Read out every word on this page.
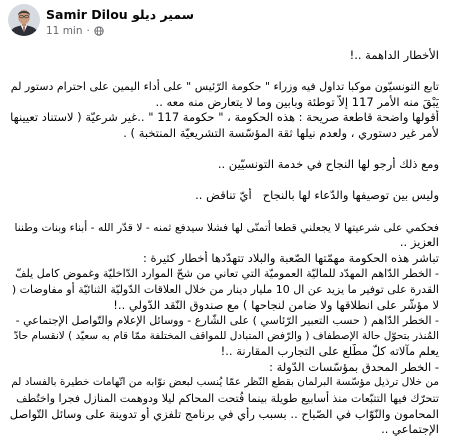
Samir Dilou سمير ديلو
11 min ·
الأخطار الداهمة ..!
تابع التونسيّون موكبا تداول فيه وزراء " حكومة الرّئيس " على أداء اليمين على احترام دستور لم
يَبْقَ منه الأمر 117 إلاّ توطئة وبابين وما لا يتعارض منه معه ..
أقولها واضحة قاطعة صريحة : هذه الحكومة ، " حكومة 117 " ..غير شرعيّة ( لاستناد تعيينها
لأمر غير دستوري ، ولعدم نيلها ثقة المؤسّسة التشريعيّة المنتخبة ) .
ومع ذلك أرجو لها النجاح في خدمة التونسيّين ..
وليس بين توصيفها والدّعاء لها بالنجاح   أيّ تناقض ..
فحكمي على شرعيتها لا يجعلني قطعا أتمنّى لها فشلا سيدفع ثمنه - لا قدّر الله - أبناء وبنات وطننا
العزيز ..
تباشر هذه الحكومة مهمّتها الصّعبة والبلاد تتهدّدها أخطار كثيرة :
- الخطر الدّاهم المهدّد للماليّة العموميّة التي تعاني من شحّ الموارد الدّاخليّة وغموض كامل يلفّ
القدرة على توفير ما يزيد عن ال 10 مليار دينار من خلال العلاقات الدّوليّة الثنائيّة أو مفاوضات (
لا مؤشّر على انطلاقها ولا ضامن لنجاحها ) مع صندوق النّقد الدّولي ..!
- الخطر الدّاهم ( حسب التعبير الرّئاسي ) على الشّارع - ووسائل الإعلام والتّواصل الإجتماعي -
المُنذر بتحوّل حالة الإصطفاف ( والرّفض المتبادل للمواقف المختلفة ممّا قام به سعيّد ) لانقسام حادّ
يعلم مآلاته كلّ مطّلع على التجارب المقارنة ..!
- الخطر المحدق بمؤسّسات الدّولة :
من خلال ترذيل مؤسّسة البرلمان بقطع النّظر عمّا يُنسب لبعض نوّابه من اتّهامات خطيرة بالفساد لم
تتحرّك فيها التتبّعات منذ أسابيع طويلة بينما فُتحت المحاكم ليلا ودوهمت المنازل فجرا واختُطف
المحامون والنّوّاب في الصّباح .. بسبب رأي في برنامج تلفزي أو تدوينة على وسائل التّواصل
الإجتماعي ..
